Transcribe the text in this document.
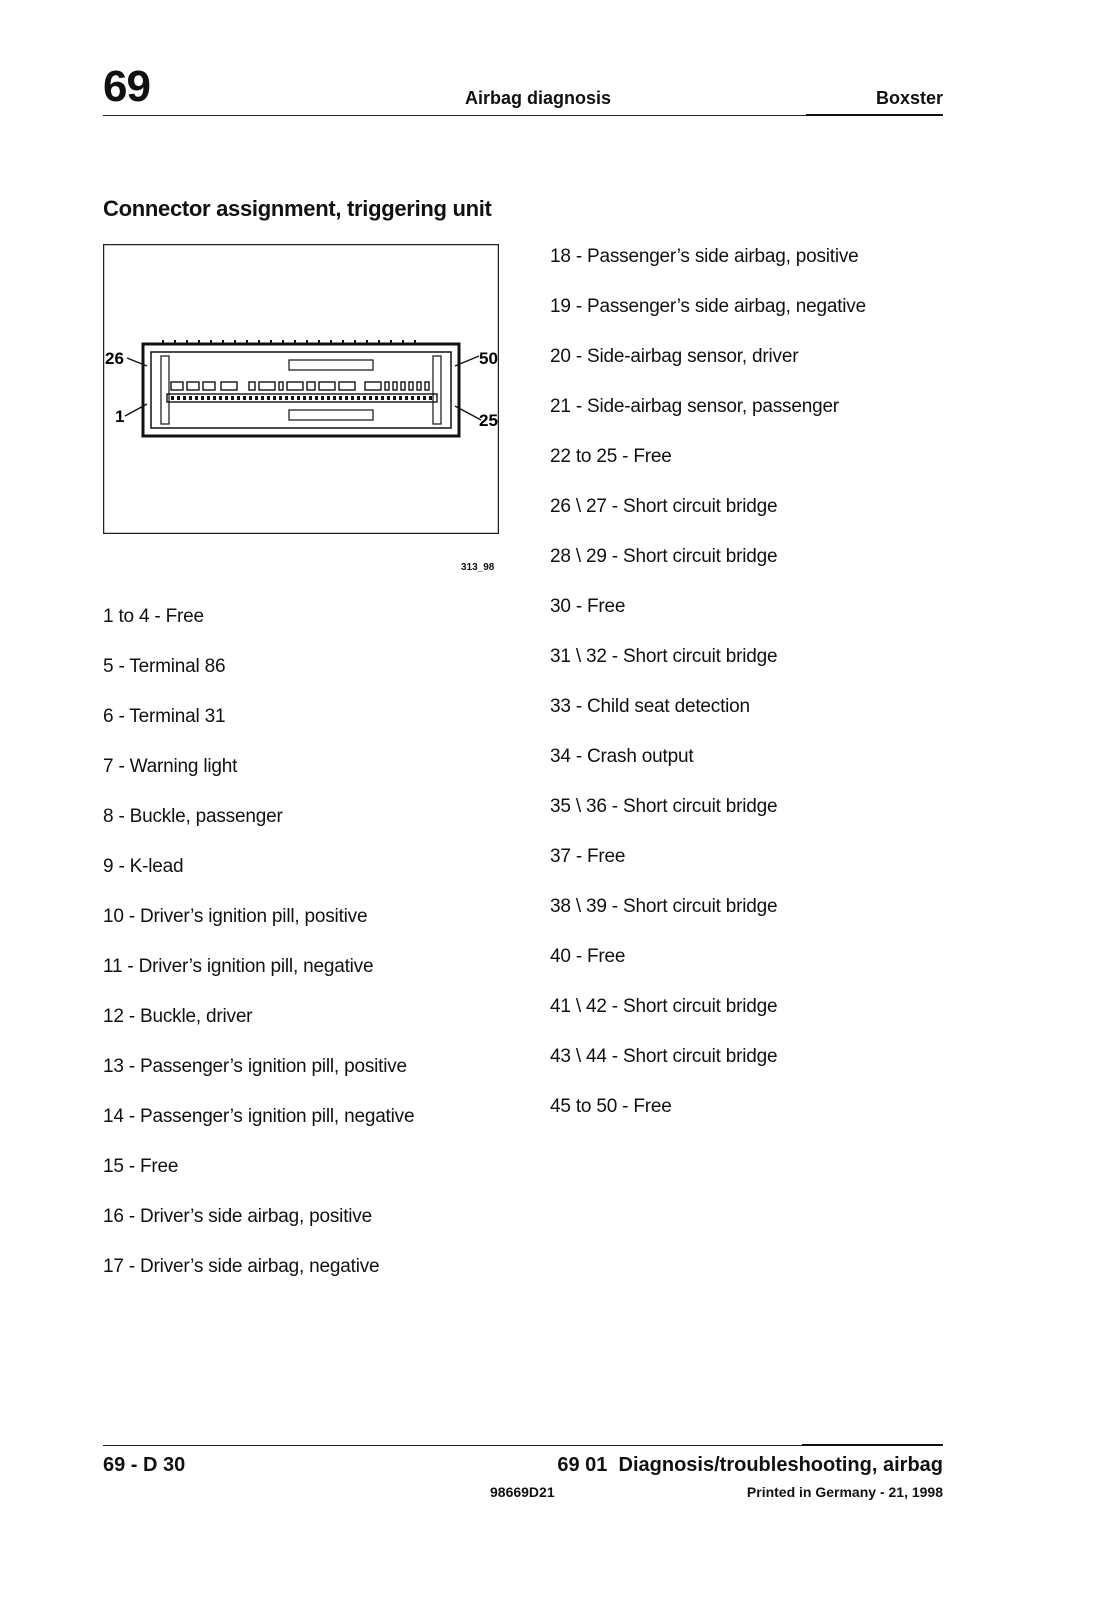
69	Airbag diagnosis	Boxster
Connector assignment, triggering unit
26
1
50
25
313_98
1 to 4 - Free
5 - Terminal 86
6 - Terminal 31
7 - Warning light
8 - Buckle, passenger
9 - K-lead
10 - Driver’s ignition pill, positive
11 - Driver’s ignition pill, negative
12 - Buckle, driver
13 - Passenger’s ignition pill, positive
14 - Passenger’s ignition pill, negative
15 - Free
16 - Driver’s side airbag, positive
17 - Driver’s side airbag, negative
18 - Passenger’s side airbag, positive
19 - Passenger’s side airbag, negative
20 - Side-airbag sensor, driver
21 - Side-airbag sensor, passenger
22 to 25 - Free
26 \ 27 - Short circuit bridge
28 \ 29 - Short circuit bridge
30 - Free
31 \ 32 - Short circuit bridge
33 - Child seat detection
34 - Crash output
35 \ 36 - Short circuit bridge
37 - Free
38 \ 39 - Short circuit bridge
40 - Free
41 \ 42 - Short circuit bridge
43 \ 44 - Short circuit bridge
45 to 50 - Free
69 - D 30	69 01  Diagnosis/troubleshooting, airbag
98669D21	Printed in Germany - 21, 1998
